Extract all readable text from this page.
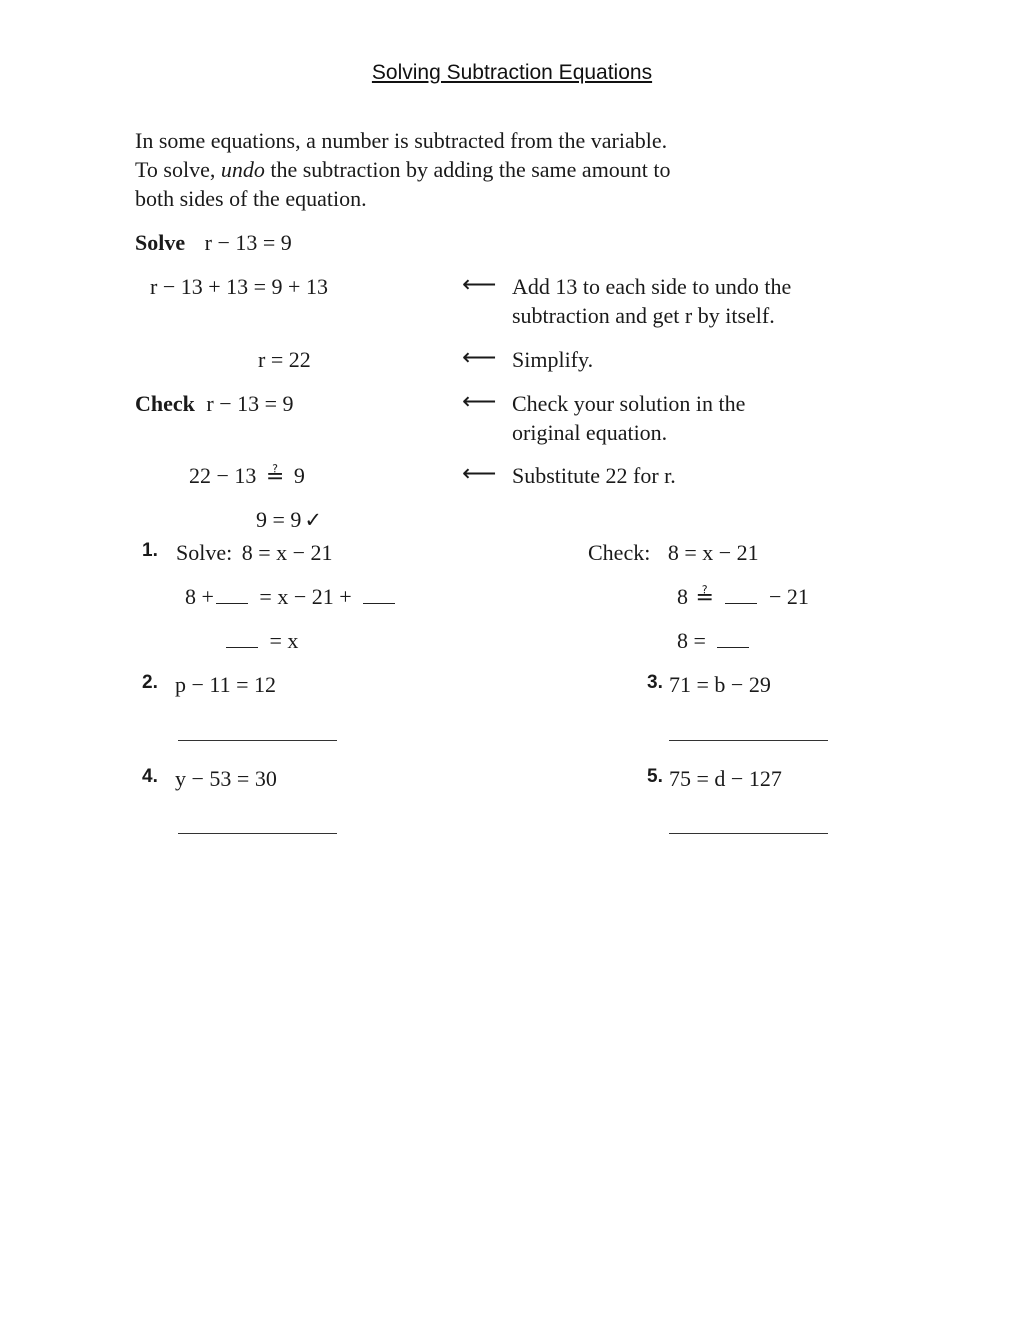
Solving Subtraction Equations
In some equations, a number is subtracted from the variable.
To solve, undo the subtraction by adding the same amount to
both sides of the equation.
Solve r − 13 = 9
r − 13 + 13 = 9 + 13	⟵ Add 13 to each side to undo the
subtraction and get r by itself.
r = 22	⟵ Simplify.
Check r − 13 = 9	⟵ Check your solution in the
original equation.
22 − 13 ≟ 9	⟵ Substitute 22 for r.
9 = 9 ✓
1. Solve: 8 = x − 21
8 + = x − 21 +
= x
Check: 8 = x − 21
8 ≟	− 21
8 =
2. p − 11 = 12	3. 71 = b − 29
4. y − 53 = 30	5. 75 = d − 127
